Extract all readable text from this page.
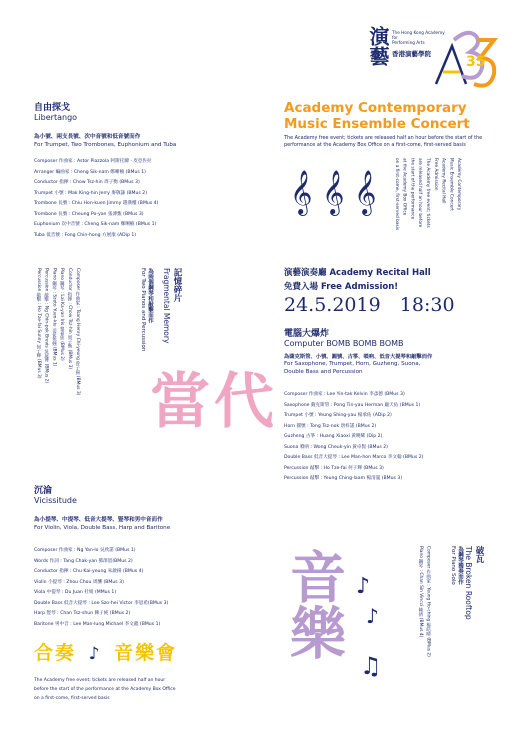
演藝 The Hong Kong Academy
for
Performing Arts
香港演藝學院	35
自由探戈
Libertango
為小號、兩支長號、次中音號和低音號而作
For Trumpet, Two Trombones, Euphonium and Tuba
Composer 作曲家 : Astor Piazzola 阿斯托爾 · 皮亞佐拉
Arranger 編曲家 : Cheng Sik-nam 鄭晰楠 (BMus 1)
Conductor 指揮 : Chow Tsz-hin 周子衡 (BMus 3)
Trumpet 小號 : Mak King-hin Jerry 麥敬謙 (BMus 2)
Trombone 長號 : Chiu Hon-kuen Jimmy 趙漢權 (BMus 4)
Trombone 長號 : Cheung Po-yan 張溥甄 (BMus 3)
Euphonium 次中音號 : Cheng Sik-nam 鄭晰楠 (BMus 1)
Tuba 低音號 : Fong Chin-hong 方展康 (ADip 1)
Academy Contemporary
Music Ensemble Concert
The Academy free event; tickets are released half an hour before the start of the performance at the Academy Box Office on a first-come, first-served basis
𝄞 𝄞 𝄞	Academy Contemporary
Music Ensemble Concert
Academy Recital Hall
Free Admission
The Academy free event; tickets
are released half an hour before
the start of the performance
at the Academy Box Office
on a first-come, first-served basis
演藝演奏廳 Academy Recital Hall
免費入場 Free Admission!
24.5.2019 18:30
記憶碎片
Fragmental Memory
為兩個鋼琴和敲擊而作
For Two Pianos and Percussion
Composer 作曲家 : Tsang Henry Chi-yeung 曾子揚 (BMus 3)
Conductor 指揮 : Chow Tsz-hin 周子衡 (BMus 3)
Piano 鋼琴 : Lai Ka-yan Iris 黎嘉欣 (BMus 2)
Piano 鋼琴 : Szeto Yuen-kiu 司徒苑翹 (BMus 1)
Percussion 敲擊 : Ng Chin-pok Brevis 吳展博 (BMus 2)
Percussion 敲擊 : Ho Tze-fai Sunny 何子輝 (BMus 3)
當代
電腦大爆炸
Computer BOMB BOMB BOMB
為薩克斯管、小號、圓號、古箏、嗩吶、低音大提琴和敲擊而作
For Saxophone, Trumpet, Horn, Guzheng, Suona,
Double Bass and Percussion
Composer 作曲家 : Lee Yin-tak Kelvin 李彥德 (BMus 3)
Saxophone 薩克斯管 : Pong Tin-yau Herman 龐天佑 (BMus 1)
Trumpet 小號 : Yeung Shing-yau 楊承佑 (ADip 2)
Horn 圓號 : Tong Tsz-nok 唐梓諾 (BMus 2)
Guzheng 古箏 : Huang Xiaoxi 黃曉晞 (Dip 2)
Suona 嗩吶 : Wong Cheuk-yin 黃卓賢 (BMus 2)
Double Bass 低音大提琴 : Lee Man-hon Marco 李文翰 (BMus 2)
Percussion 敲擊 : Ho Tze-fai 何子輝 (BMus 3)
Percussion 敲擊 : Yeung Ching-laam 楊清嵐 (BMus 3)
沉淪
Vicissitude
為小提琴、中提琴、低音大提琴、豎琴和男中音而作
For Violin, Viola, Double Bass, Harp and Baritone
Composer 作曲家 : Ng Yan-lo 吳欣諾 (BMus 1)
Words 作詞 : Tang Chak-yan 鄧澤恩(BMus 2)
Conductor 指揮 : Chu Kai-yeung 朱啟揚 (BMus 4)
Violin 小提琴 : Zhou Chou 周酬 (BMus 3)
Viola 中提琴 : Du Juan 杜娟 (MMus 1)
Double Bass 低音大提琴 : Lee Szo-hei Victor 李思希(BMus 3)
Harp 豎琴 : Chan Tsz-shun 陳子純 (BMus 2)
Baritone 男中音 : Lee Man-lung Michael 李文龍 (BMus 1)
合奏 ♪ 音樂會
The Academy free event; tickets are released half an hour
before the start of the performance at the Academy Box Office
on a first-come, first-served basis
音樂 ♪
♪
♫
破瓦
The Broken Rooftop
為鋼琴獨奏而作
For Piano Solo
Composer 作曲家 : Yeung Ho-ching 楊皓晴 (BMus 2)
Piano 鋼琴 : Chan Sin Vincci 陳倩 (BMus 4)
